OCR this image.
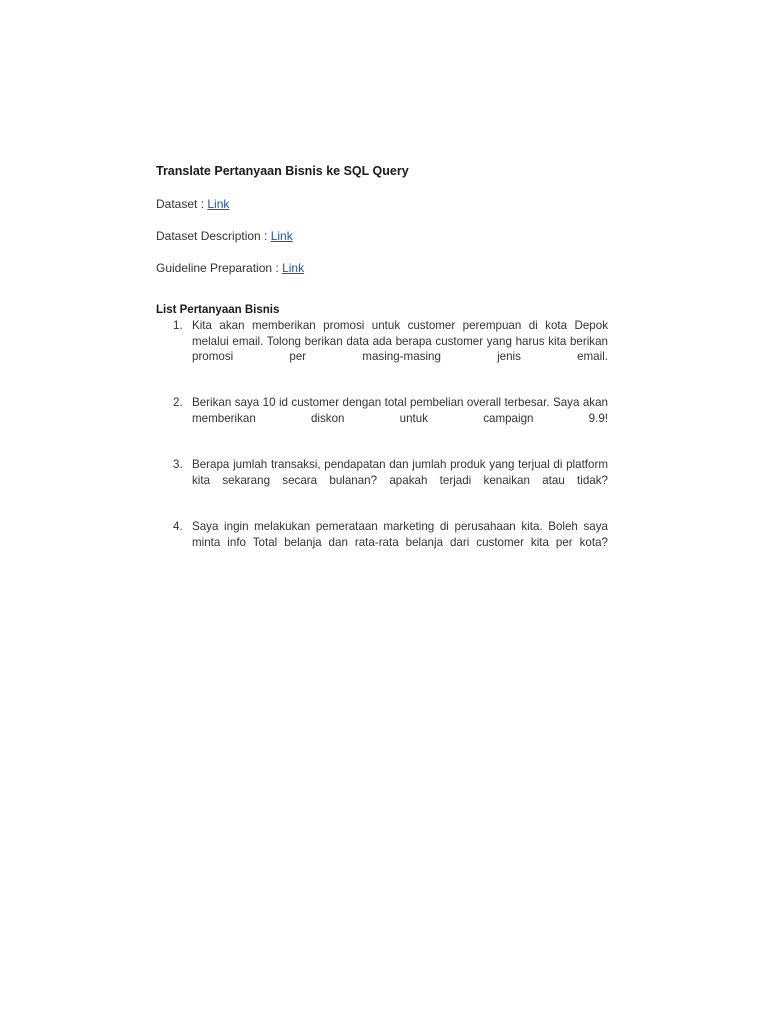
Translate Pertanyaan Bisnis ke SQL Query

Dataset : Link

Dataset Description : Link

Guideline Preparation : Link

List Pertanyaan Bisnis
1. Kita akan memberikan promosi untuk customer perempuan di kota Depok melalui email. Tolong berikan data ada berapa customer yang harus kita berikan promosi per masing-masing jenis email.
2. Berikan saya 10 id customer dengan total pembelian overall terbesar. Saya akan memberikan diskon untuk campaign 9.9!
3. Berapa jumlah transaksi, pendapatan dan jumlah produk yang terjual di platform kita sekarang secara bulanan? apakah terjadi kenaikan atau tidak?
4. Saya ingin melakukan pemerataan marketing di perusahaan kita. Boleh saya minta info Total belanja dan rata-rata belanja dari customer kita per kota?
